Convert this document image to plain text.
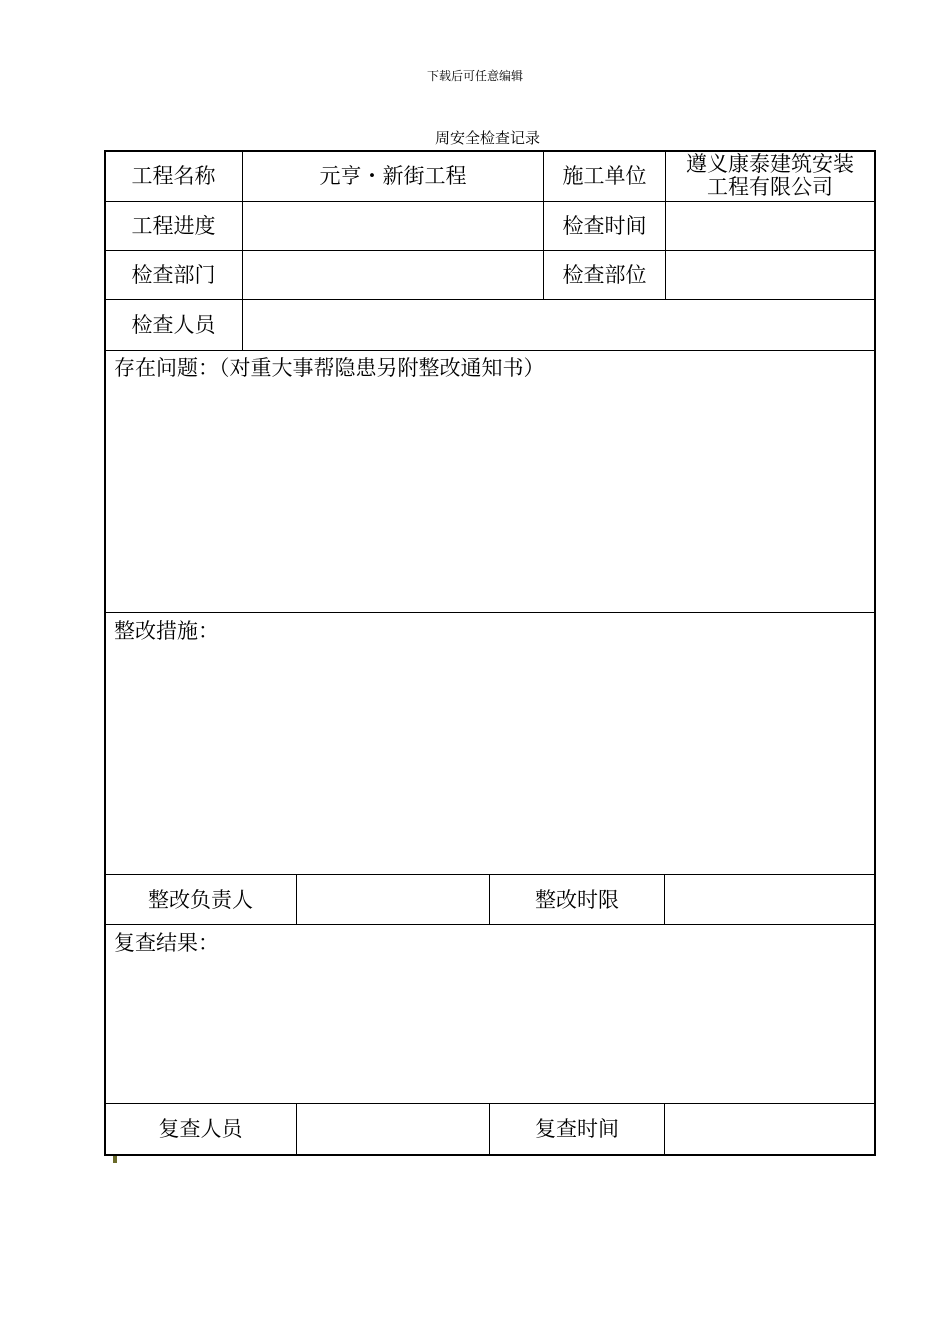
下载后可任意编辑
周安全检查记录
工程名称	元亨・新街工程	施工单位	遵义康泰建筑安装
工程有限公司
工程进度	检查时间
检查部门	检查部位
检查人员
存在问题：（对重大事帮隐患另附整改通知书）
整改措施：
整改负责人	整改时限
复查结果：
复查人员	复查时间
